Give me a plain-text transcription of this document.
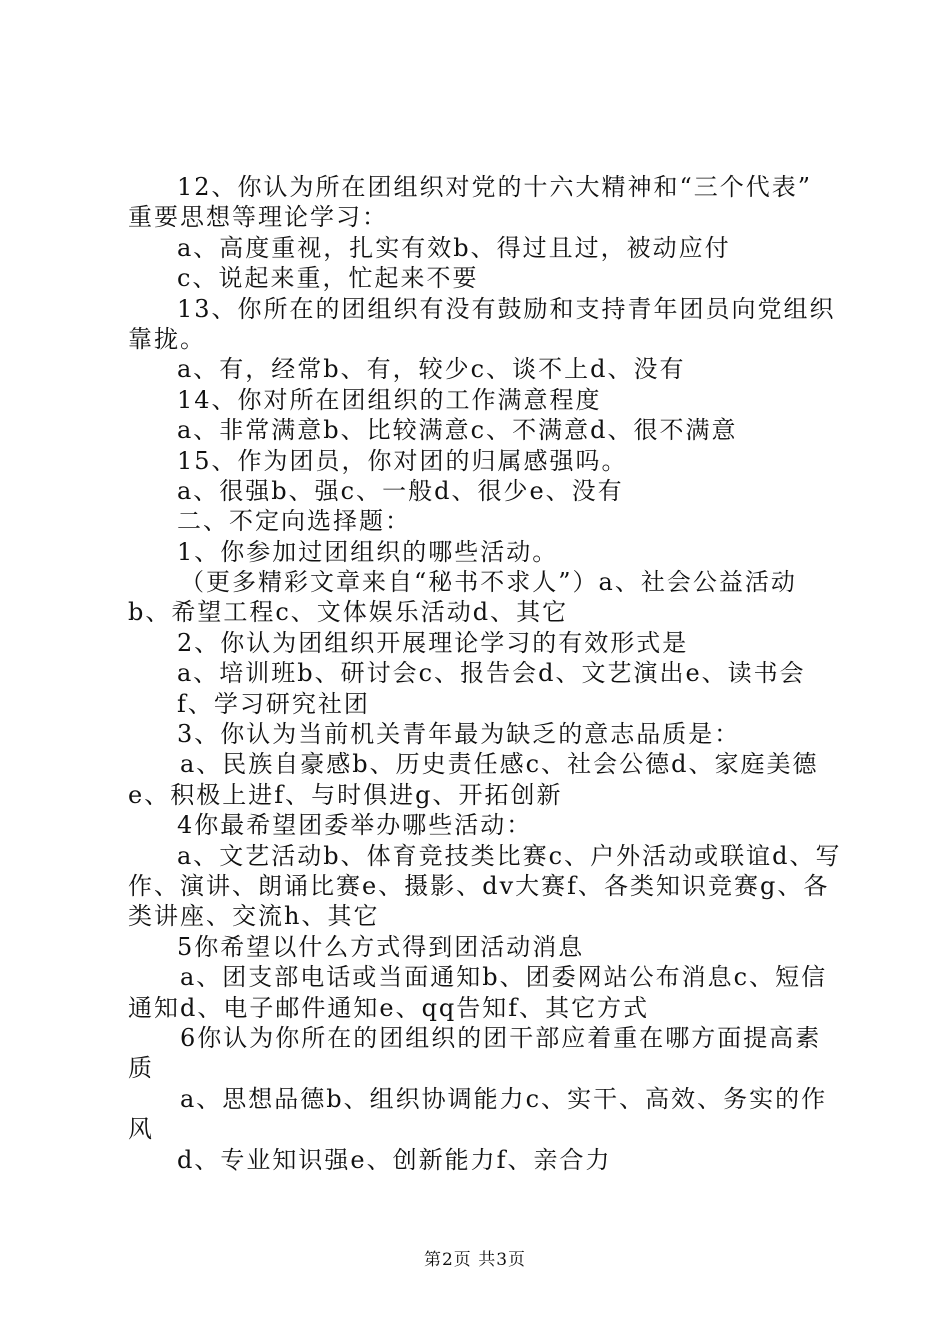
12、你认为所在团组织对党的十六大精神和“三个代表”
重要思想等理论学习：
a、高度重视，扎实有效b、得过且过，被动应付
c、说起来重，忙起来不要
13、你所在的团组织有没有鼓励和支持青年团员向党组织
靠拢。
a、有，经常b、有，较少c、谈不上d、没有
14、你对所在团组织的工作满意程度
a、非常满意b、比较满意c、不满意d、很不满意
15、作为团员，你对团的归属感强吗。
a、很强b、强c、一般d、很少e、没有
二、不定向选择题：
1、你参加过团组织的哪些活动。
（更多精彩文章来自“秘书不求人”）a、社会公益活动
b、希望工程c、文体娱乐活动d、其它
2、你认为团组织开展理论学习的有效形式是
a、培训班b、研讨会c、报告会d、文艺演出e、读书会
f、学习研究社团
3、你认为当前机关青年最为缺乏的意志品质是：
a、民族自豪感b、历史责任感c、社会公德d、家庭美德
e、积极上进f、与时俱进g、开拓创新
4你最希望团委举办哪些活动：
a、文艺活动b、体育竞技类比赛c、户外活动或联谊d、写
作、演讲、朗诵比赛e、摄影、dv大赛f、各类知识竞赛g、各
类讲座、交流h、其它
5你希望以什么方式得到团活动消息
a、团支部电话或当面通知b、团委网站公布消息c、短信
通知d、电子邮件通知e、qq告知f、其它方式
6你认为你所在的团组织的团干部应着重在哪方面提高素
质
a、思想品德b、组织协调能力c、实干、高效、务实的作
风
d、专业知识强e、创新能力f、亲合力
第2页 共3页
